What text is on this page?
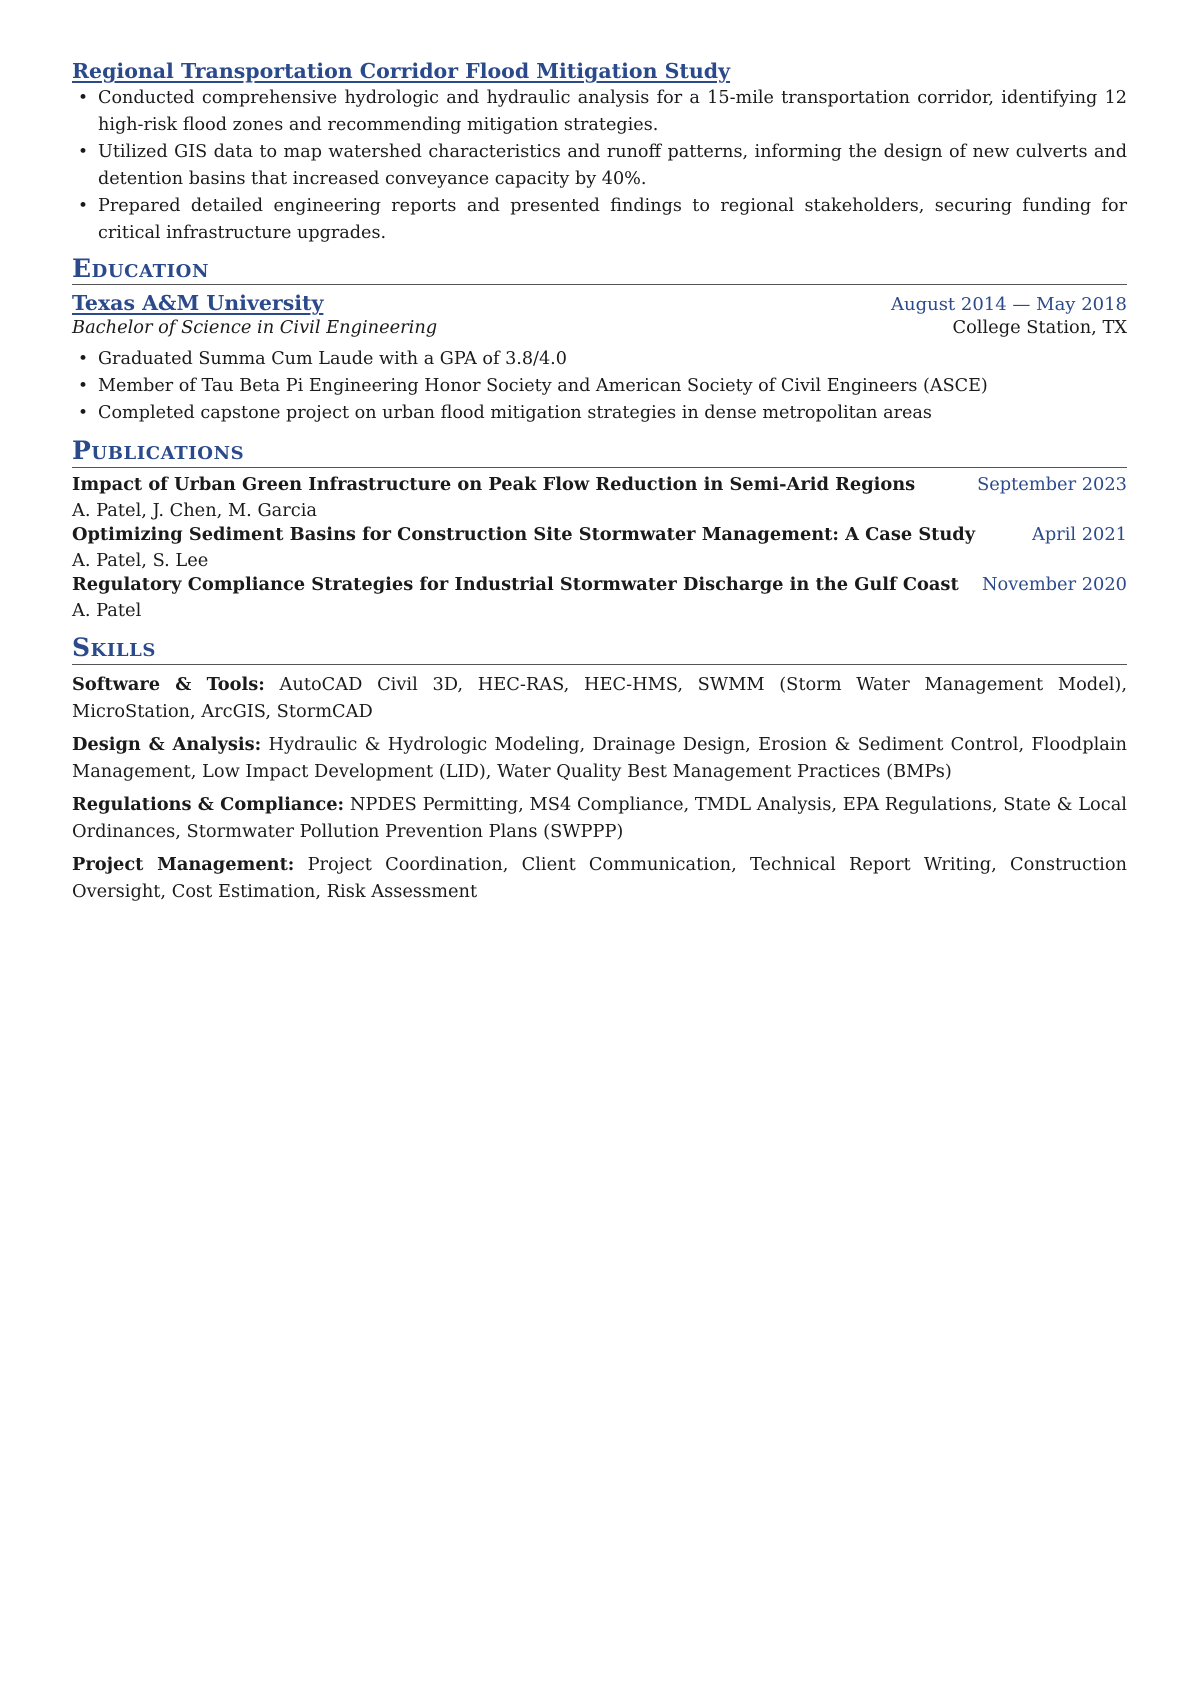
Regional Transportation Corridor Flood Mitigation Study
• Conducted comprehensive hydrologic and hydraulic analysis for a 15-mile transportation corridor, identifying 12 high-risk flood zones and recommending mitigation strategies.
• Utilized GIS data to map watershed characteristics and runoff patterns, informing the design of new culverts and detention basins that increased conveyance capacity by 40%.
• Prepared detailed engineering reports and presented findings to regional stakeholders, securing funding for critical infrastructure upgrades.
Education
Texas A&M University	August 2014 — May 2018
Bachelor of Science in Civil Engineering	College Station, TX
• Graduated Summa Cum Laude with a GPA of 3.8/4.0
• Member of Tau Beta Pi Engineering Honor Society and American Society of Civil Engineers (ASCE)
• Completed capstone project on urban flood mitigation strategies in dense metropolitan areas
Publications
Impact of Urban Green Infrastructure on Peak Flow Reduction in Semi-Arid Regions	September 2023
A. Patel, J. Chen, M. Garcia
Optimizing Sediment Basins for Construction Site Stormwater Management: A Case Study	April 2021
A. Patel, S. Lee
Regulatory Compliance Strategies for Industrial Stormwater Discharge in the Gulf Coast	November 2020
A. Patel
Skills
Software & Tools: AutoCAD Civil 3D, HEC-RAS, HEC-HMS, SWMM (Storm Water Management Model), MicroStation, ArcGIS, StormCAD
Design & Analysis: Hydraulic & Hydrologic Modeling, Drainage Design, Erosion & Sediment Control, Floodplain Management, Low Impact Development (LID), Water Quality Best Management Practices (BMPs)
Regulations & Compliance: NPDES Permitting, MS4 Compliance, TMDL Analysis, EPA Regulations, State & Local Ordinances, Stormwater Pollution Prevention Plans (SWPPP)
Project Management: Project Coordination, Client Communication, Technical Report Writing, Construction Oversight, Cost Estimation, Risk Assessment
